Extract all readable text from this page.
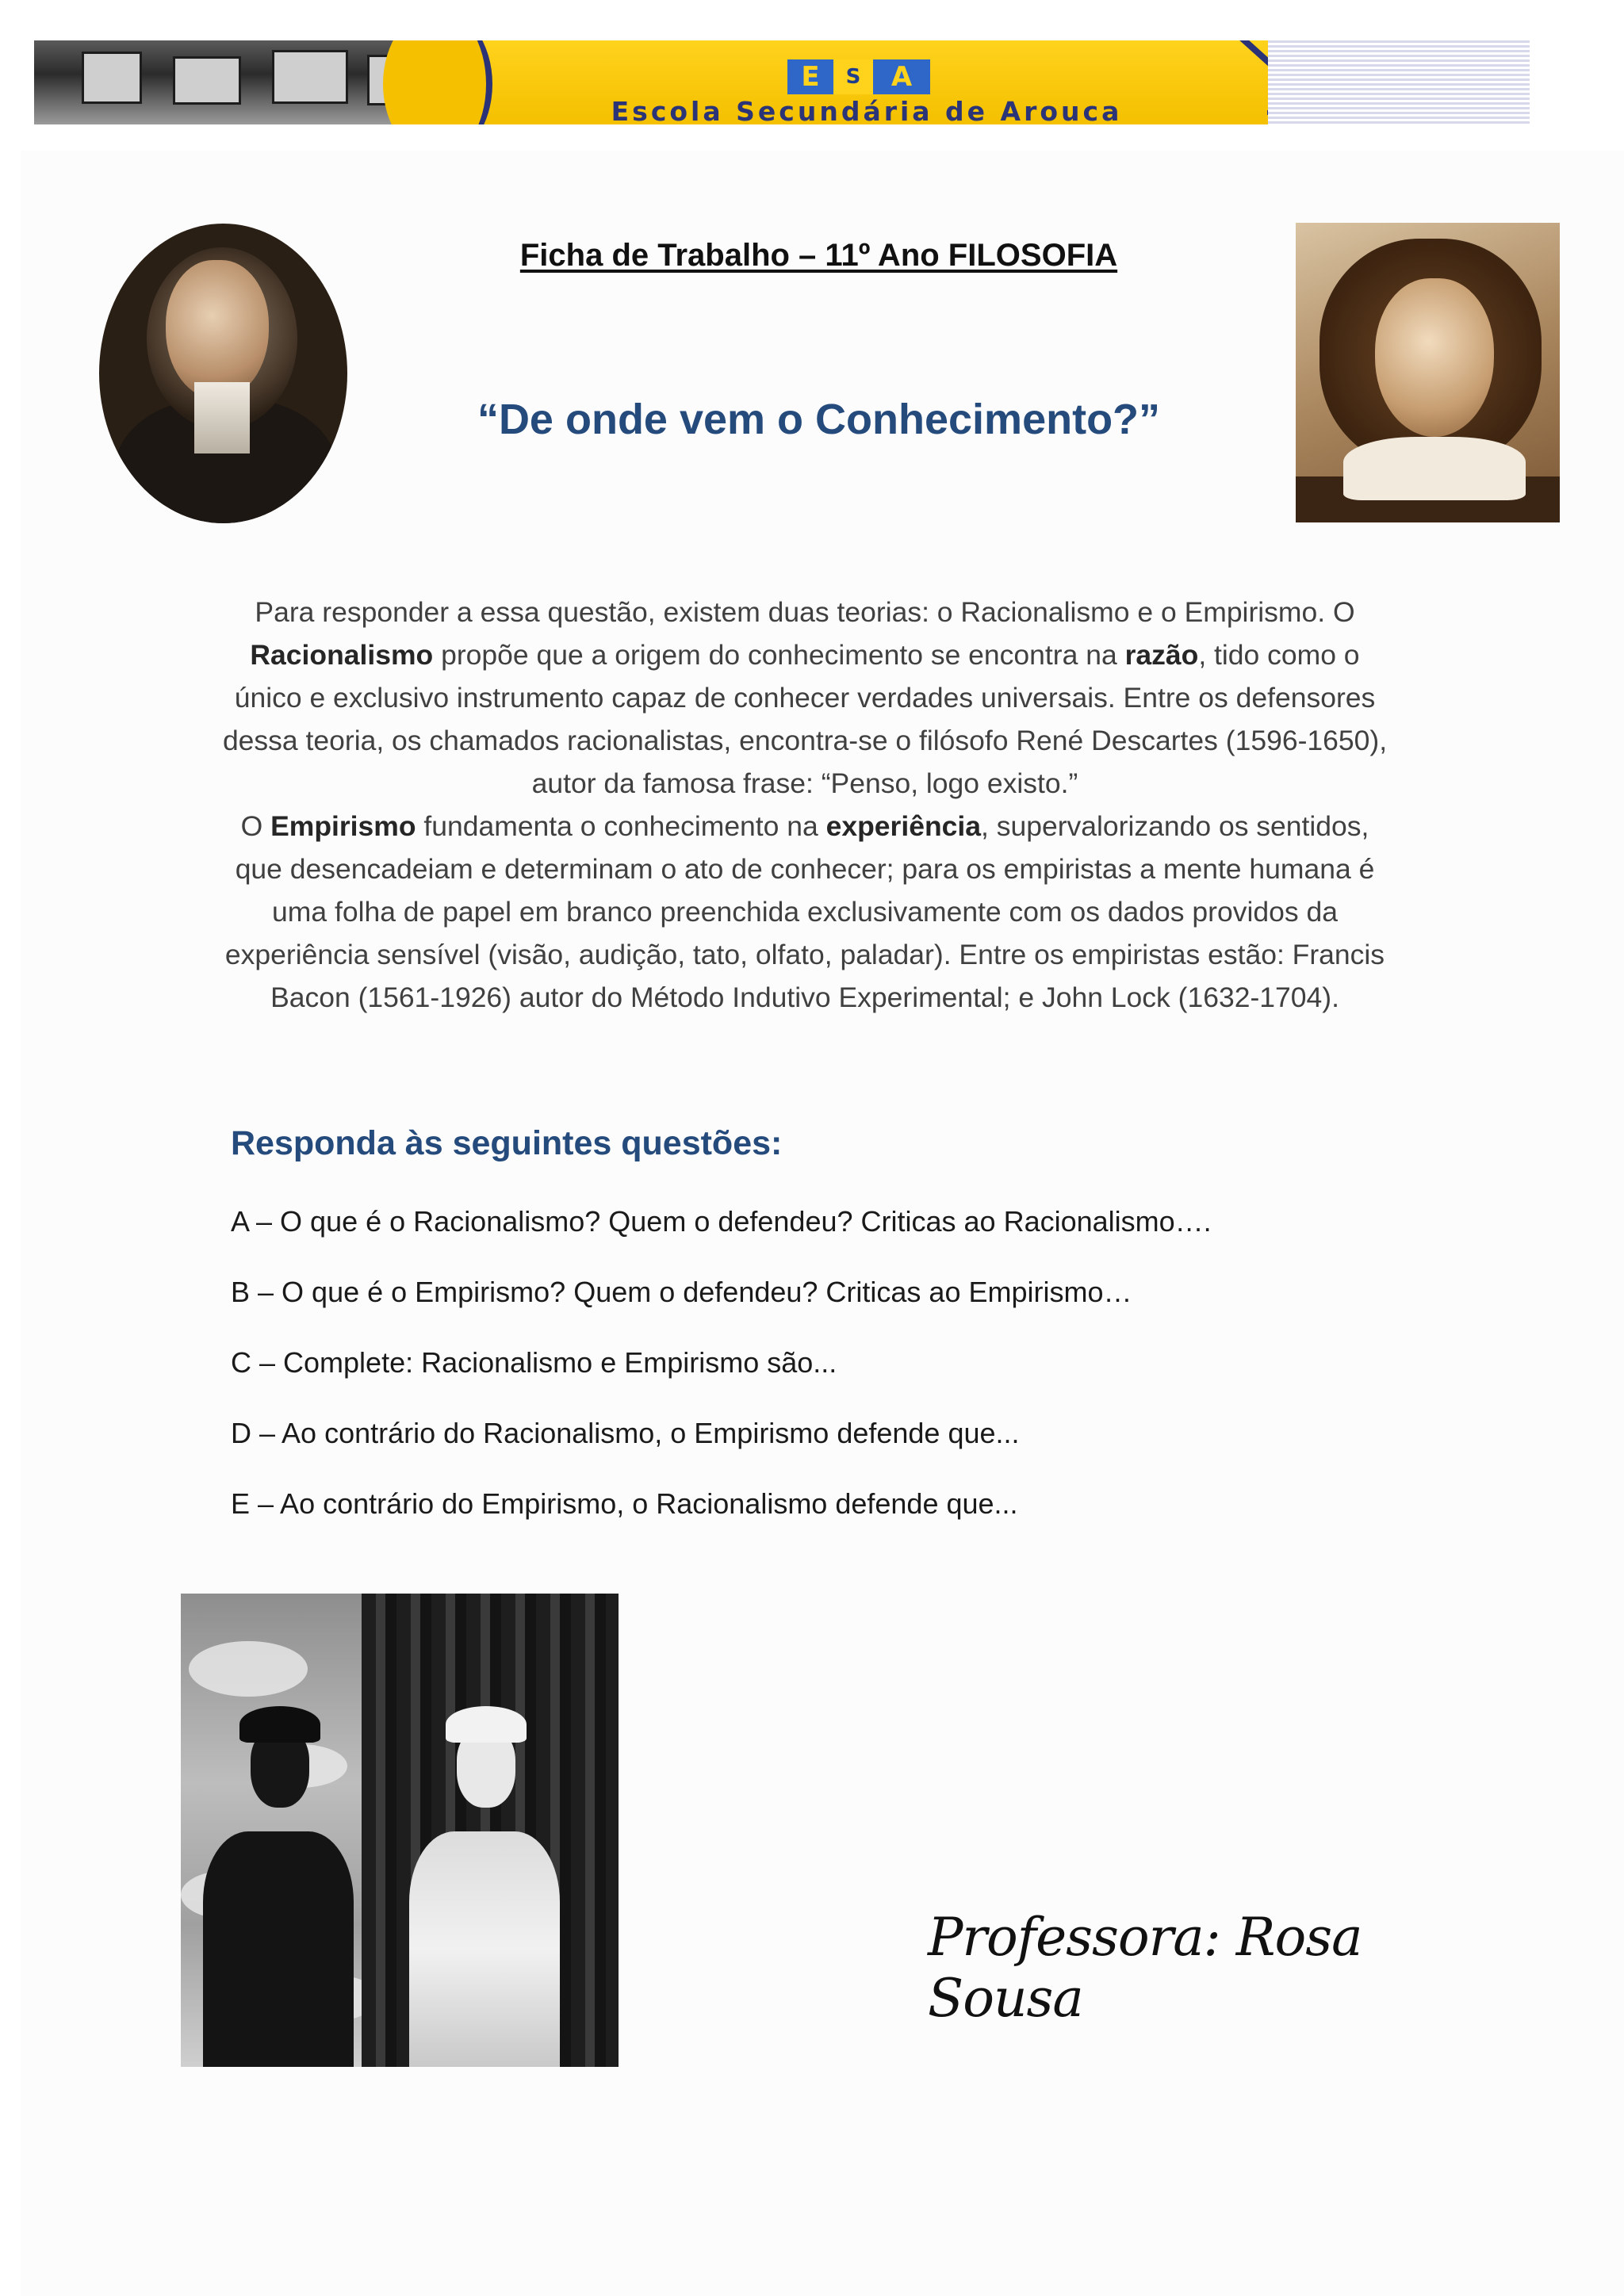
E	S	A
Escola Secundária de Arouca
Ficha de Trabalho – 11º Ano FILOSOFIA
“De onde vem o Conhecimento?”
Para responder a essa questão, existem duas teorias: o Racionalismo e o Empirismo. O Racionalismo propõe que a origem do conhecimento se encontra na razão, tido como o único e exclusivo instrumento capaz de conhecer verdades universais. Entre os defensores dessa teoria, os chamados racionalistas, encontra-se o filósofo René Descartes (1596-1650), autor da famosa frase: “Penso, logo existo.”
O Empirismo fundamenta o conhecimento na experiência, supervalorizando os sentidos, que desencadeiam e determinam o ato de conhecer; para os empiristas a mente humana é uma folha de papel em branco preenchida exclusivamente com os dados providos da experiência sensível (visão, audição, tato, olfato, paladar). Entre os empiristas estão: Francis Bacon (1561-1926) autor do Método Indutivo Experimental; e John Lock (1632-1704).
Responda às seguintes questões:
A – O que é o Racionalismo? Quem o defendeu? Criticas ao Racionalismo….
B – O que é o Empirismo? Quem o defendeu? Criticas ao Empirismo…
C – Complete: Racionalismo e Empirismo são...
D – Ao contrário do Racionalismo, o Empirismo defende que...
E – Ao contrário do Empirismo, o Racionalismo defende que...
Professora: Rosa Sousa
